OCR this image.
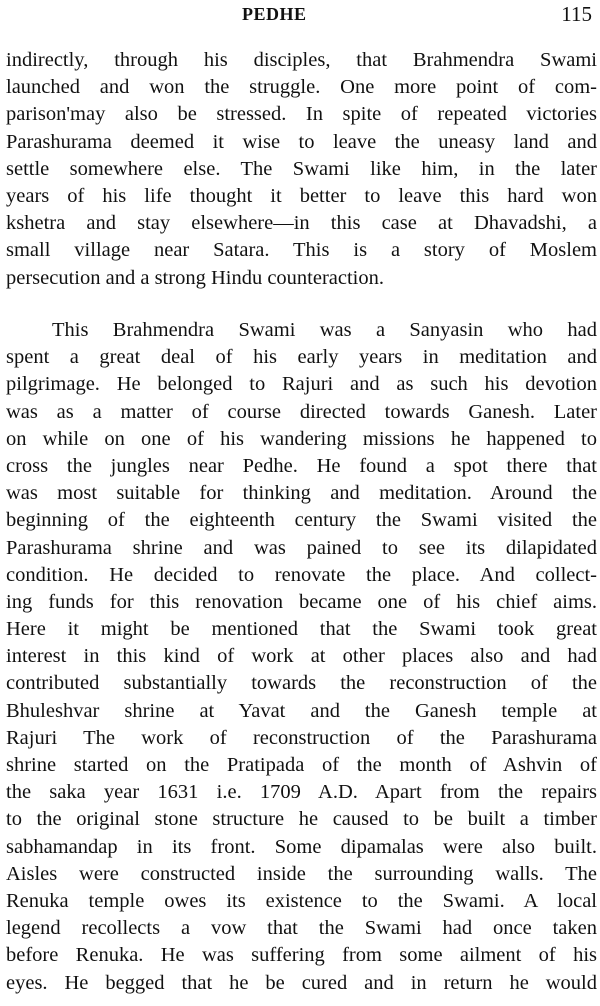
PEDHE	115

indirectly, through his disciples, that Brahmendra Swami
launched and won the struggle. One more point of com-
parison'may also be stressed. In spite of repeated victories
Parashurama deemed it wise to leave the uneasy land and
settle somewhere else. The Swami like him, in the later
years of his life thought it better to leave this hard won
kshetra and stay elsewhere—in this case at Dhavadshi, a
small village near Satara. This is a story of Moslem
persecution and a strong Hindu counteraction.

This Brahmendra Swami was a Sanyasin who had
spent a great deal of his early years in meditation and
pilgrimage. He belonged to Rajuri and as such his devotion
was as a matter of course directed towards Ganesh. Later
on while on one of his wandering missions he happened to
cross the jungles near Pedhe. He found a spot there that
was most suitable for thinking and meditation. Around the
beginning of the eighteenth century the Swami visited the
Parashurama shrine and was pained to see its dilapidated
condition. He decided to renovate the place. And collect-
ing funds for this renovation became one of his chief aims.
Here it might be mentioned that the Swami took great
interest in this kind of work at other places also and had
contributed substantially towards the reconstruction of the
Bhuleshvar shrine at Yavat and the Ganesh temple at
Rajuri The work of reconstruction of the Parashurama
shrine started on the Pratipada of the month of Ashvin of
the saka year 1631 i.e. 1709 A.D. Apart from the repairs
to the original stone structure he caused to be built a timber
sabhamandap in its front. Some dipamalas were also built.
Aisles were constructed inside the surrounding walls. The
Renuka temple owes its existence to the Swami. A local
legend recollects a vow that the Swami had once taken
before Renuka. He was suffering from some ailment of his
eyes. He begged that he be cured and in return he would
